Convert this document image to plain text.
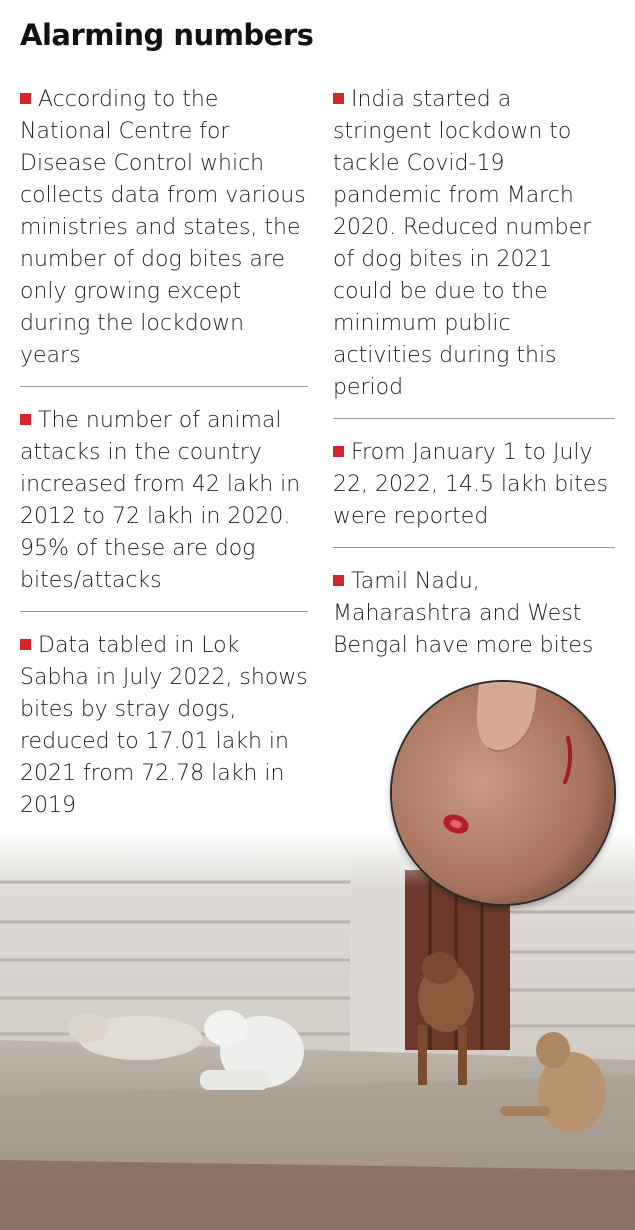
Alarming numbers
According to the National Centre for Disease Control which collects data from various ministries and states, the number of dog bites are only growing except during the lockdown years
The number of animal attacks in the country increased from 42 lakh in 2012 to 72 lakh in 2020. 95% of these are dog bites/attacks
Data tabled in Lok Sabha in July 2022, shows bites by stray dogs, reduced to 17.01 lakh in 2021 from 72.78 lakh in 2019
India started a stringent lockdown to tackle Covid-19 pandemic from March 2020. Reduced number of dog bites in 2021 could be due to the minimum public activities during this period
From January 1 to July 22, 2022, 14.5 lakh bites were reported
Tamil Nadu, Maharashtra and West Bengal have more bites
